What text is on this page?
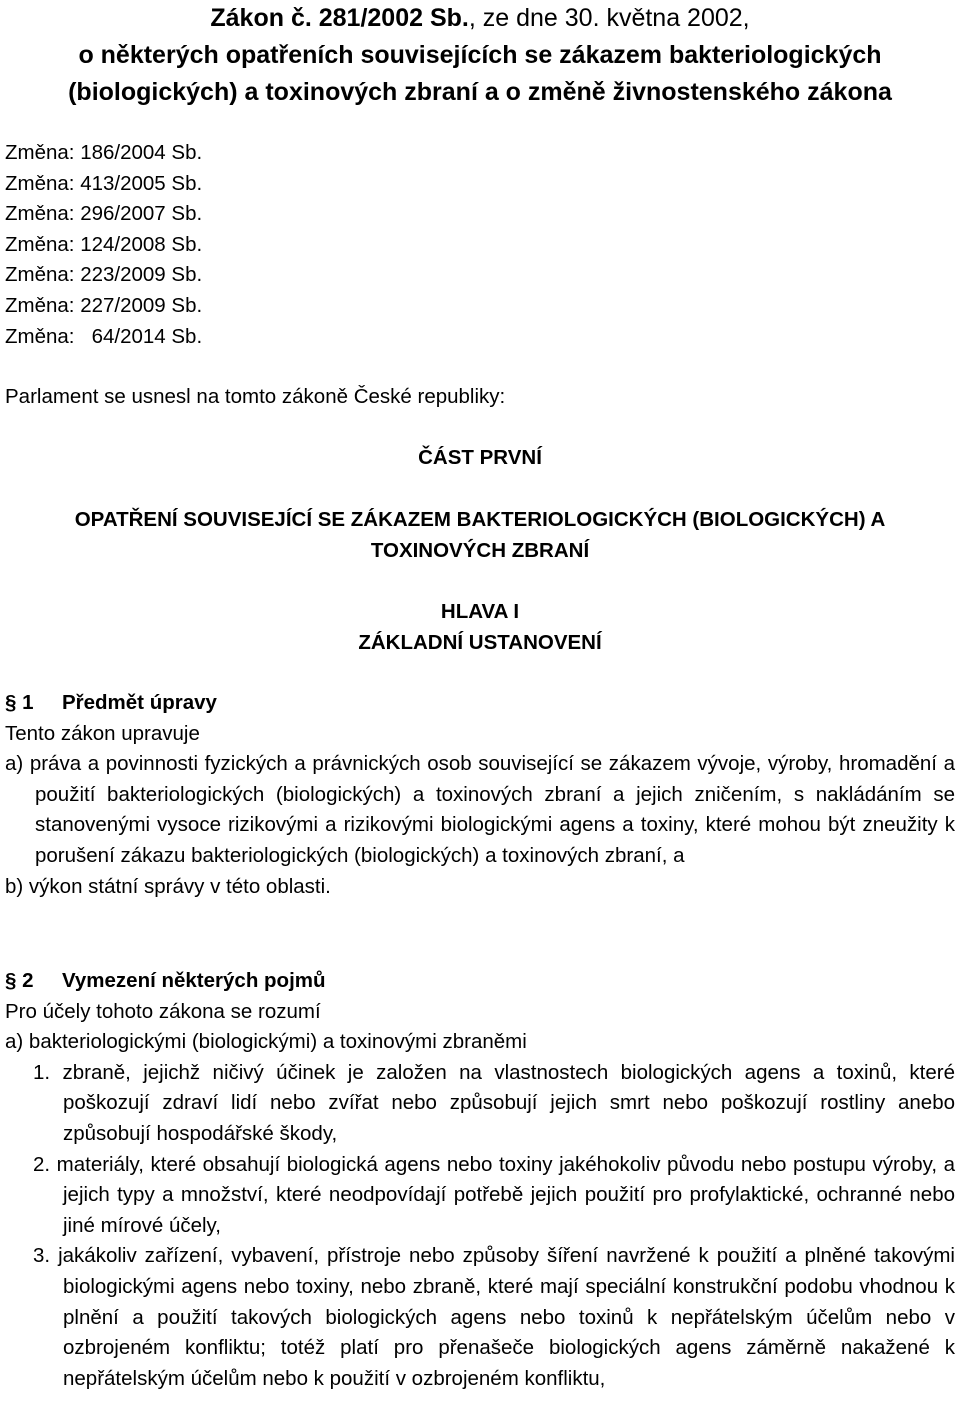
Zákon č. 281/2002 Sb., ze dne 30. května 2002,
o některých opatřeních souvisejících se zákazem bakteriologických
(biologických) a toxinových zbraní a o změně živnostenského zákona
Změna: 186/2004 Sb.
Změna: 413/2005 Sb.
Změna: 296/2007 Sb.
Změna: 124/2008 Sb.
Změna: 223/2009 Sb.
Změna: 227/2009 Sb.
Změna:   64/2014 Sb.
Parlament se usnesl na tomto zákoně České republiky:
ČÁST PRVNÍ
OPATŘENÍ SOUVISEJÍCÍ SE ZÁKAZEM BAKTERIOLOGICKÝCH (BIOLOGICKÝCH) A
TOXINOVÝCH ZBRANÍ
HLAVA I
ZÁKLADNÍ USTANOVENÍ
§ 1     Předmět úpravy
Tento zákon upravuje
a) práva a povinnosti fyzických a právnických osob související se zákazem vývoje, výroby, hromadění a použití bakteriologických (biologických) a toxinových zbraní a jejich zničením, s nakládáním se stanovenými vysoce rizikovými a rizikovými biologickými agens a toxiny, které mohou být zneužity k porušení zákazu bakteriologických (biologických) a toxinových zbraní, a
b) výkon státní správy v této oblasti.
§ 2     Vymezení některých pojmů
Pro účely tohoto zákona se rozumí
a) bakteriologickými (biologickými) a toxinovými zbraněmi
1. zbraně, jejichž ničivý účinek je založen na vlastnostech biologických agens a toxinů, které poškozují zdraví lidí nebo zvířat nebo způsobují jejich smrt nebo poškozují rostliny anebo způsobují hospodářské škody,
2. materiály, které obsahují biologická agens nebo toxiny jakéhokoliv původu nebo postupu výroby, a jejich typy a množství, které neodpovídají potřebě jejich použití pro profylaktické, ochranné nebo jiné mírové účely,
3. jakákoliv zařízení, vybavení, přístroje nebo způsoby šíření navržené k použití a plněné takovými biologickými agens nebo toxiny, nebo zbraně, které mají speciální konstrukční podobu vhodnou k plnění a použití takových biologických agens nebo toxinů k nepřátelským účelům nebo v ozbrojeném konfliktu; totéž platí pro přenašeče biologických agens záměrně nakažené k nepřátelským účelům nebo k použití v ozbrojeném konfliktu,
